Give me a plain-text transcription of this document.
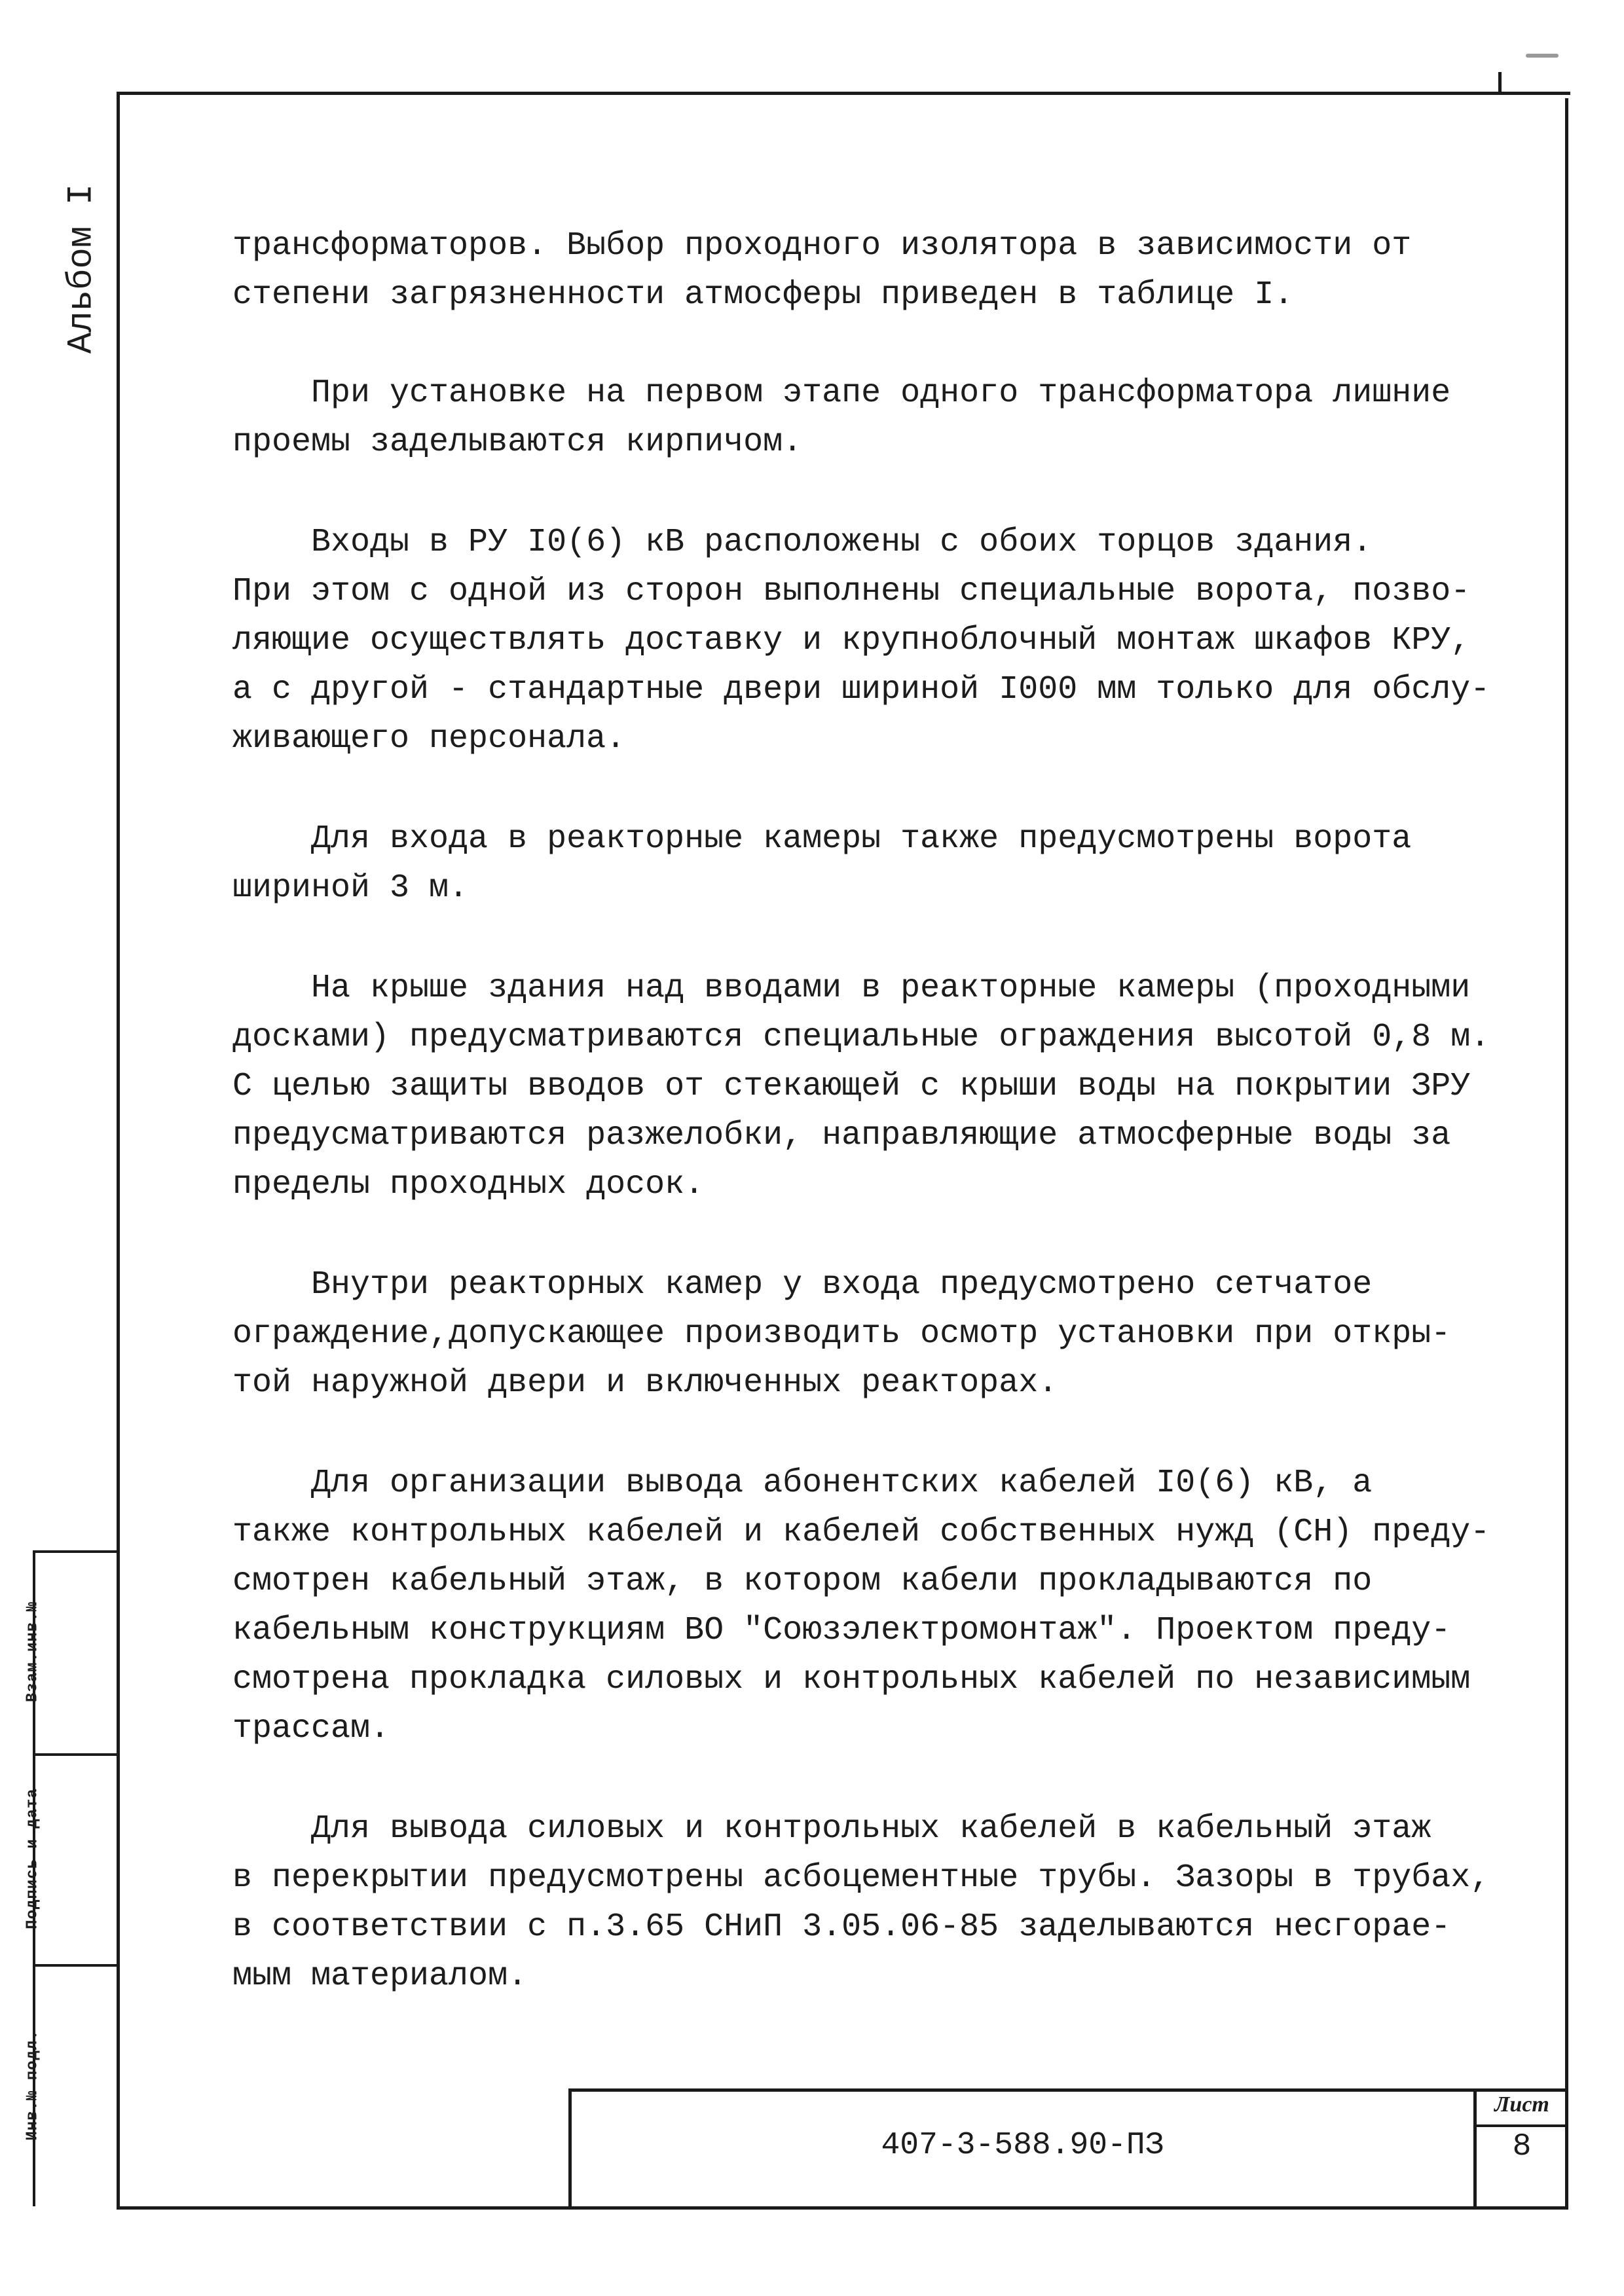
Альбом I
Взам.инв.№
Подпись и дата
Инв.№ подл.
трансформаторов. Выбор проходного изолятора в зависимости от
степени загрязненности атмосферы приведен в таблице I.
При установке на первом этапе одного трансформатора лишние
проемы заделываются кирпичом.
Входы в РУ I0(6) кВ расположены с обоих торцов здания.
При этом с одной из сторон выполнены специальные ворота, позво-
ляющие осуществлять доставку и крупноблочный монтаж шкафов КРУ,
а с другой - стандартные двери шириной I000 мм только для обслу-
живающего персонала.
Для входа в реакторные камеры также предусмотрены ворота
шириной 3 м.
На крыше здания над вводами в реакторные камеры (проходными
досками) предусматриваются специальные ограждения высотой 0,8 м.
С целью защиты вводов от стекающей с крыши воды на покрытии ЗРУ
предусматриваются разжелобки, направляющие атмосферные воды за
пределы проходных досок.
Внутри реакторных камер у входа предусмотрено сетчатое
ограждение,допускающее производить осмотр установки при откры-
той наружной двери и включенных реакторах.
Для организации вывода абонентских кабелей I0(6) кВ, а
также контрольных кабелей и кабелей собственных нужд (СН) преду-
смотрен кабельный этаж, в котором кабели прокладываются по
кабельным конструкциям ВО "Союзэлектромонтаж". Проектом преду-
смотрена прокладка силовых и контрольных кабелей по независимым
трассам.
Для вывода силовых и контрольных кабелей в кабельный этаж
в перекрытии предусмотрены асбоцементные трубы. Зазоры в трубах,
в соответствии с п.3.65 СНиП 3.05.06-85 заделываются несгорае-
мым материалом.
407-3-588.90-ПЗ
Лист
8
